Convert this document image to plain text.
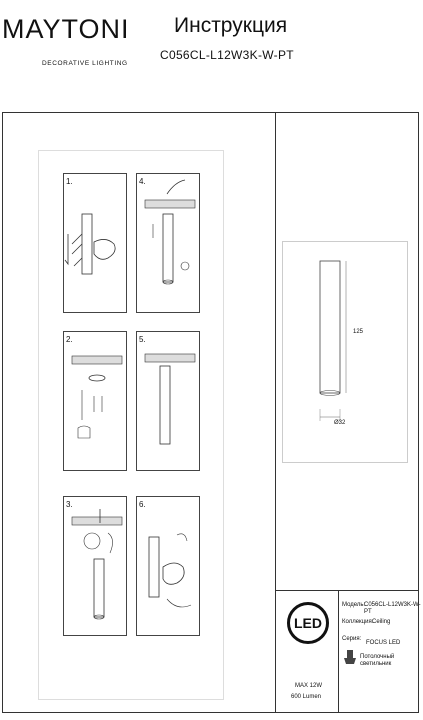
MAYTONI
DECORATIVE LIGHTING
Инструкция
C056CL-L12W3K-W-PT
1.	4.
2.	5.
3.	6.
125
Ø32
LED
MAX 12W
600 Lumen
Модель:
C056CL-L12W3K-W-PT
Коллекция:
Ceiling
Серия:
FOCUS LED
Потолочный светильник
